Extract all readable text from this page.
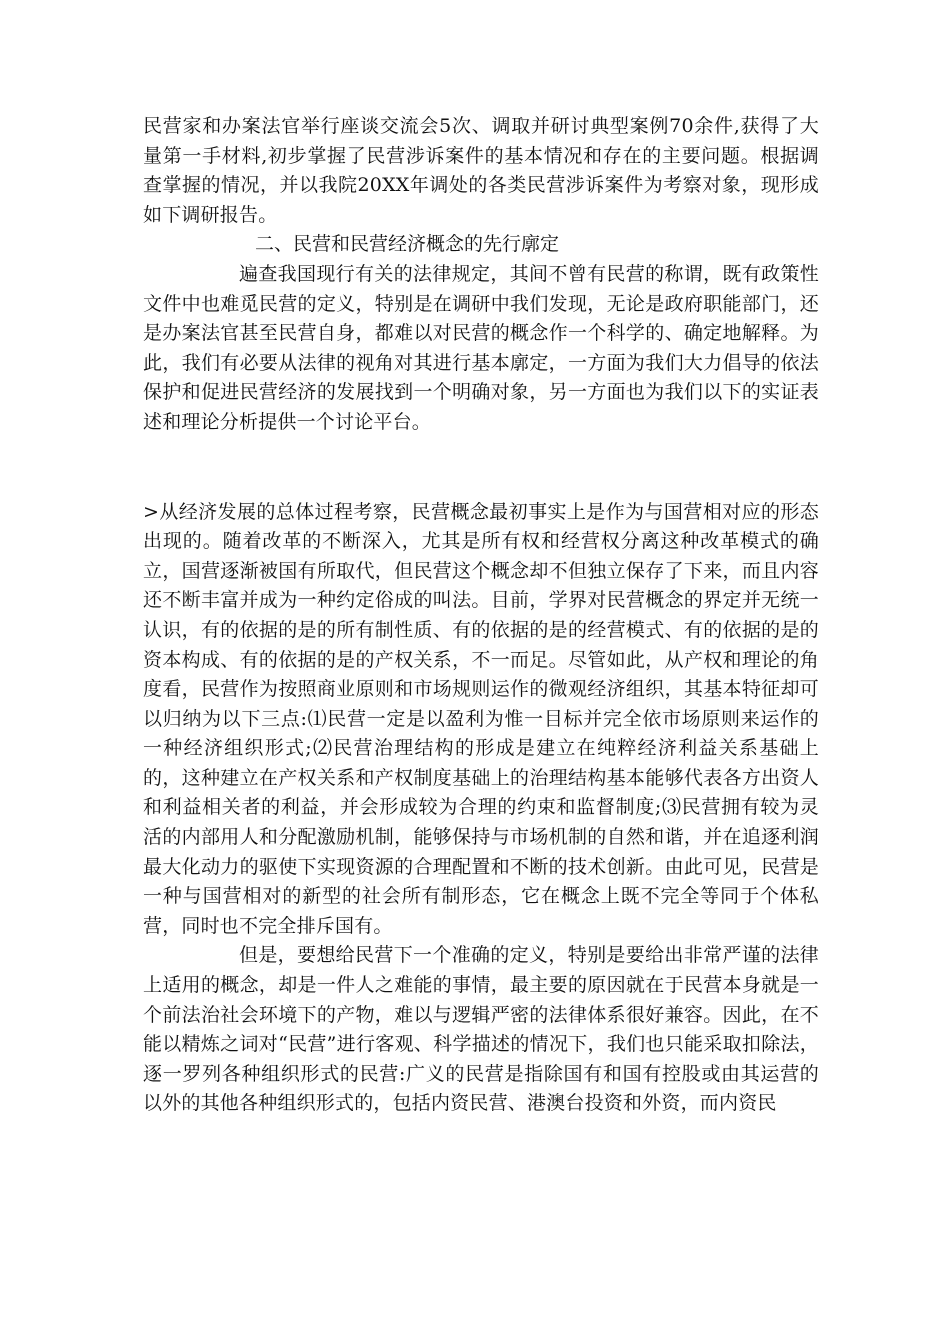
民营家和办案法官举行座谈交流会5次、调取并研讨典型案例70余件,获得了大量第一手材料,初步掌握了民营涉诉案件的基本情况和存在的主要问题。根据调查掌握的情况，并以我院20XX年调处的各类民营涉诉案件为考察对象，现形成如下调研报告。

二、民营和民营经济概念的先行廓定

遍查我国现行有关的法律规定，其间不曾有民营的称谓，既有政策性文件中也难觅民营的定义，特别是在调研中我们发现，无论是政府职能部门，还是办案法官甚至民营自身，都难以对民营的概念作一个科学的、确定地解释。为此，我们有必要从法律的视角对其进行基本廓定，一方面为我们大力倡导的依法保护和促进民营经济的发展找到一个明确对象，另一方面也为我们以下的实证表述和理论分析提供一个讨论平台。

>从经济发展的总体过程考察，民营概念最初事实上是作为与国营相对应的形态出现的。随着改革的不断深入，尤其是所有权和经营权分离这种改革模式的确立，国营逐渐被国有所取代，但民营这个概念却不但独立保存了下来，而且内容还不断丰富并成为一种约定俗成的叫法。目前，学界对民营概念的界定并无统一认识，有的依据的是的所有制性质、有的依据的是的经营模式、有的依据的是的资本构成、有的依据的是的产权关系，不一而足。尽管如此，从产权和理论的角度看，民营作为按照商业原则和市场规则运作的微观经济组织，其基本特征却可以归纳为以下三点:⑴民营一定是以盈利为惟一目标并完全依市场原则来运作的一种经济组织形式;⑵民营治理结构的形成是建立在纯粹经济利益关系基础上的，这种建立在产权关系和产权制度基础上的治理结构基本能够代表各方出资人和利益相关者的利益，并会形成较为合理的约束和监督制度;⑶民营拥有较为灵活的内部用人和分配激励机制，能够保持与市场机制的自然和谐，并在追逐利润最大化动力的驱使下实现资源的合理配置和不断的技术创新。由此可见，民营是一种与国营相对的新型的社会所有制形态，它在概念上既不完全等同于个体私营，同时也不完全排斥国有。

但是，要想给民营下一个准确的定义，特别是要给出非常严谨的法律上适用的概念，却是一件人之难能的事情，最主要的原因就在于民营本身就是一个前法治社会环境下的产物，难以与逻辑严密的法律体系很好兼容。因此，在不能以精炼之词对“民营”进行客观、科学描述的情况下，我们也只能采取扣除法，逐一罗列各种组织形式的民营:广义的民营是指除国有和国有控股或由其运营的以外的其他各种组织形式的，包括内资民营、港澳台投资和外资，而内资民
